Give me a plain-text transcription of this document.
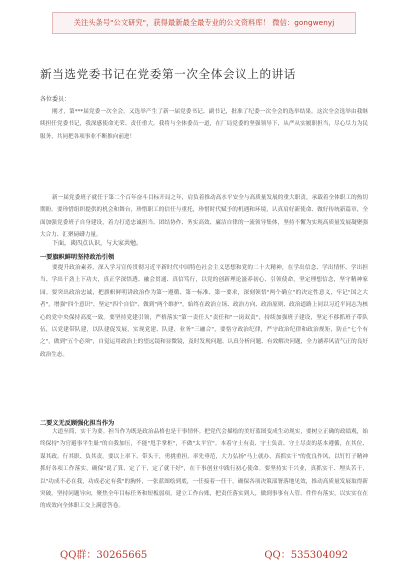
关注头条号"公文研究"，获得最新最全最专业的公文资料库！ 微信：gongwenyj
新当选党委书记在党委第一次全体会议上的讲话
各位委员：
刚才，第***届党委一次全会，又选举产生了新一届党委书记、副书记，批准了纪委一次全会的选举结果。这次全会选举由我继续担任党委书记，我深感使命光荣、责任重大。我将与全体委员一道，在厂局党委的坚强领导下，从严从实履职担当，尽心尽力为民服务，共同把各项事业不断推向前进！
新一届党委班子就任于第二个百年奋斗目标开局之年，肩负着推动高水平安全与高质量发展的重大职责，承载着全体职工的热切期盼。要珍惜组织提供的机会和舞台，珍惜职工的信任与重托，珍惜时代赋予的机遇和环境，认真肩好新使命、做好传统新篇章，全面加强党委班子自身建设，着力打造忠诚担当、团结协作、务实高效、廉洁自律的一流领导集体，坚持不懈为实现高质量发展凝聚强大合力、汇聚磅礴力量。
下面，谈四点认识，与大家共勉。
一要旗帜鲜明坚持政治引领
要提升政治素养，深入学习宣传贯彻习近平新时代中国特色社会主义思想和党的二十大精神，在学出信念、学出情怀、学出担当、学出干劲上下功夫，真正学深悟透、融会贯通、真信笃行，以党的创新理论滋养初心、引领使命，坚定理想信念，坚守精神家园。要突出政治忠诚，把旗帜鲜明讲政治作为第一遵循、第一标准、第一要求，深刻领悟"两个确立"的决定性意义，牢记"国之大者"，增强"四个意识"、坚定"四个自信"、做到"两个维护"，始终在政治立场、政治方向、政治原则、政治道路上同以习近平同志为核心的党中央保持高度一致。要坚持党建引领，严格落实"第一责任人"责任和"一岗双责"，持续加强班子建设，坚定不移抓班子带队伍，以党建带队建，以队建促发展，实现党建、队建、业务"三融合"，要恪守政治纪律，严守政治纪律和政治规矩，防止"七个有之"，做到"五个必须"，自觉运用政治上的望远镜和显微镜，及时发现问题、认真分析问题、有效解决问题，全力涵养风清气正的良好政治生态。
二要义无反顾强化担当作为
大道至简，实干为要。担当作为既是政治品格也是干事情怀。把党代会描绘的美好蓝图变成生动现实，要树立正确的政绩观，始终保持"为官避事平生耻"的自我加压，不能"甩手掌柜"，不做"太平官"。本着守土有责、守土负责、守土尽责的基本遵循，在其位、谋其政、行其职、负其责。要以上率下、带头干，勇挑重担，率先垂范，大力弘扬"马上就办、真抓实干"的优良作风，以钉钉子精神抓好各项工作落实，确保"说了算、定了干，定了就干好"，在干事创业中践行初心使命。要坚持实干兴业，真抓实干、埋头苦干，以"功成不必在我，功成必定有我"的胸怀，一张蓝图绘到底，一任接着一任干，确保各项决策部署落地见效，推动高质量发展取得新突破。坚持问题导向，聚焦全年目标任务和短板弱项，建立工作台账，把责任落实到人，做到事事有人管、件件有落实，以实实在在的成效向全体职工交上满意答卷。
QQ群：30265665	QQ：535304092
